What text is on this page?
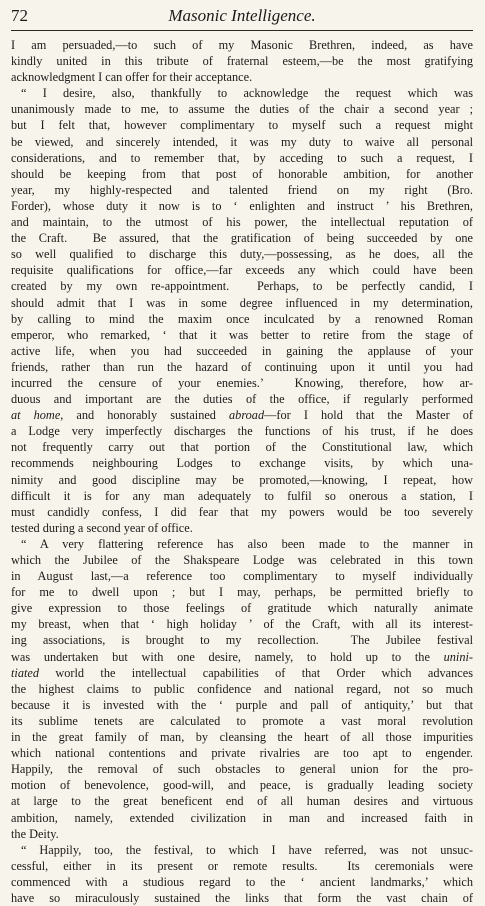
72	Masonic Intelligence.
I am persuaded,—to such of my Masonic Brethren, indeed, as have
kindly united in this tribute of fraternal esteem,—be the most gratifying
acknowledgment I can offer for their acceptance.
“ I desire, also, thankfully to acknowledge the request which was
unanimously made to me, to assume the duties of the chair a second year ;
but I felt that, however complimentary to myself such a request might
be viewed, and sincerely intended, it was my duty to waive all personal
considerations, and to remember that, by acceding to such a request, I
should be keeping from that post of honorable ambition, for another
year, my highly-respected and talented friend on my right (Bro.
Forder), whose duty it now is to ‘ enlighten and instruct ’ his Brethren,
and maintain, to the utmost of his power, the intellectual reputation of
the Craft.  Be assured, that the gratification of being succeeded by one
so well qualified to discharge this duty,—possessing, as he does, all the
requisite qualifications for office,—far exceeds any which could have been
created by my own re-appointment.  Perhaps, to be perfectly candid, I
should admit that I was in some degree influenced in my determination,
by calling to mind the maxim once inculcated by a renowned Roman
emperor, who remarked, ‘ that it was better to retire from the stage of
active life, when you had succeeded in gaining the applause of your
friends, rather than run the hazard of continuing upon it until you had
incurred the censure of your enemies.’  Knowing, therefore, how ar-
duous and important are the duties of the office, if regularly performed
at home, and honorably sustained abroad—for I hold that the Master of
a Lodge very imperfectly discharges the functions of his trust, if he does
not frequently carry out that portion of the Constitutional law, which
recommends neighbouring Lodges to exchange visits, by which una-
nimity and good discipline may be promoted,—knowing, I repeat, how
difficult it is for any man adequately to fulfil so onerous a station, I
must candidly confess, I did fear that my powers would be too severely
tested during a second year of office.
“ A very flattering reference has also been made to the manner in
which the Jubilee of the Shakspeare Lodge was celebrated in this town
in August last,—a reference too complimentary to myself individually
for me to dwell upon ; but I may, perhaps, be permitted briefly to
give expression to those feelings of gratitude which naturally animate
my breast, when that ‘ high holiday ’ of the Craft, with all its interest-
ing associations, is brought to my recollection.  The Jubilee festival
was undertaken but with one desire, namely, to hold up to the unini-
tiated world the intellectual capabilities of that Order which advances
the highest claims to public confidence and national regard, not so much
because it is invested with the ‘ purple and pall of antiquity,’ but that
its sublime tenets are calculated to promote a vast moral revolution
in the great family of man, by cleansing the heart of all those impurities
which national contentions and private rivalries are too apt to engender.
Happily, the removal of such obstacles to general union for the pro-
motion of benevolence, good-will, and peace, is gradually leading society
at large to the great beneficent end of all human desires and virtuous
ambition, namely, extended civilization in man and increased faith in
the Deity.
“ Happily, too, the festival, to which I have referred, was not unsuc-
cessful, either in its present or remote results.  Its ceremonials were
commenced with a studious regard to the ‘ ancient landmarks,’ which
have so miraculously sustained the links that form the vast chain of
